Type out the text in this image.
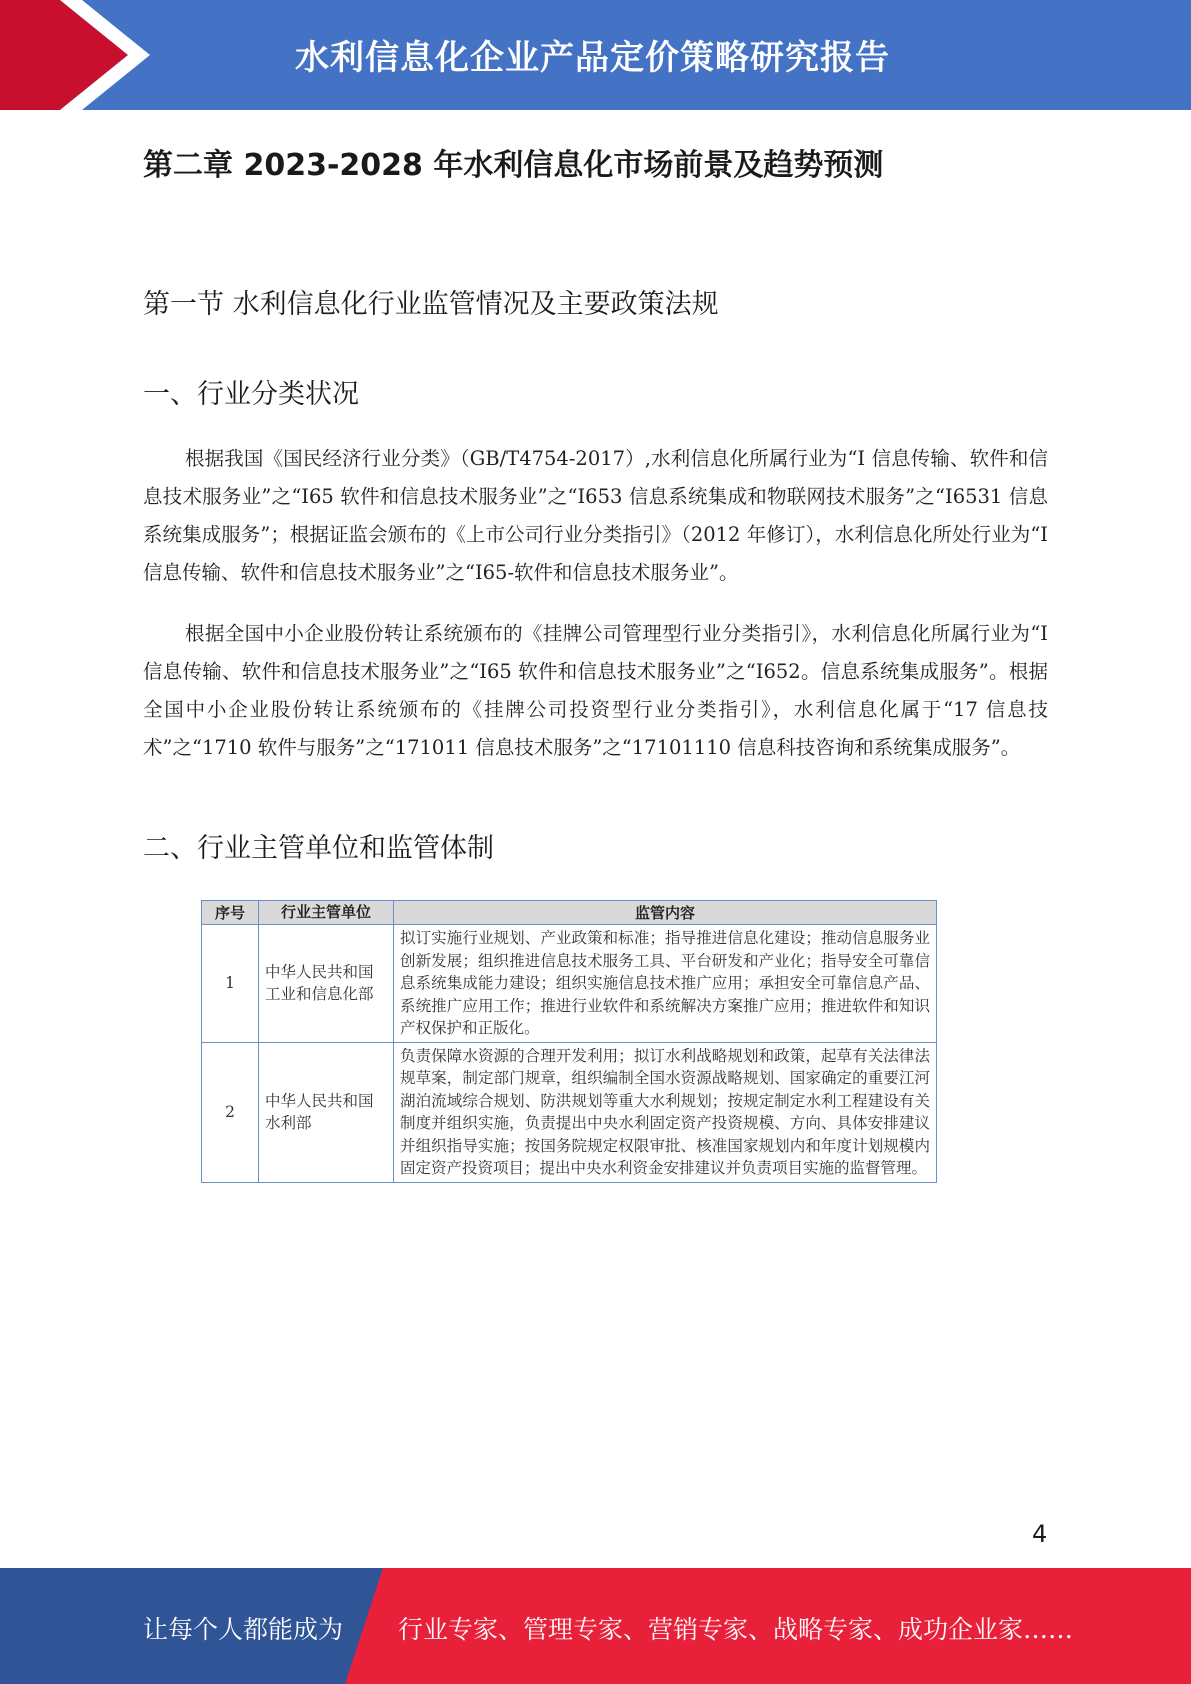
水利信息化企业产品定价策略研究报告
第二章 2023-2028 年水利信息化市场前景及趋势预测
第一节 水利信息化行业监管情况及主要政策法规
一、行业分类状况
根据我国《国民经济行业分类》（GB/T4754-2017）,水利信息化所属行业为“I 信息传输、软件和信息技术服务业”之“I65 软件和信息技术服务业”之“I653 信息系统集成和物联网技术服务”之“I6531 信息系统集成服务”；根据证监会颁布的《上市公司行业分类指引》（2012 年修订），水利信息化所处行业为“I 信息传输、软件和信息技术服务业”之“I65-软件和信息技术服务业”。
根据全国中小企业股份转让系统颁布的《挂牌公司管理型行业分类指引》，水利信息化所属行业为“I 信息传输、软件和信息技术服务业”之“I65 软件和信息技术服务业”之“I652。信息系统集成服务”。根据全国中小企业股份转让系统颁布的《挂牌公司投资型行业分类指引》，水利信息化属于“17 信息技术”之“1710 软件与服务”之“171011 信息技术服务”之“17101110 信息科技咨询和系统集成服务”。
二、行业主管单位和监管体制
序号	行业主管单位	监管内容
1	中华人民共和国工业和信息化部	拟订实施行业规划、产业政策和标准；指导推进信息化建设；推动信息服务业创新发展；组织推进信息技术服务工具、平台研发和产业化；指导安全可靠信息系统集成能力建设；组织实施信息技术推广应用；承担安全可靠信息产品、系统推广应用工作；推进行业软件和系统解决方案推广应用；推进软件和知识产权保护和正版化。
2	中华人民共和国水利部	负责保障水资源的合理开发利用；拟订水利战略规划和政策，起草有关法律法规草案，制定部门规章，组织编制全国水资源战略规划、国家确定的重要江河湖泊流域综合规划、防洪规划等重大水利规划；按规定制定水利工程建设有关制度并组织实施，负责提出中央水利固定资产投资规模、方向、具体安排建议并组织指导实施；按国务院规定权限审批、核准国家规划内和年度计划规模内固定资产投资项目；提出中央水利资金安排建议并负责项目实施的监督管理。
4
让每个人都能成为 行业专家、管理专家、营销专家、战略专家、成功企业家……
